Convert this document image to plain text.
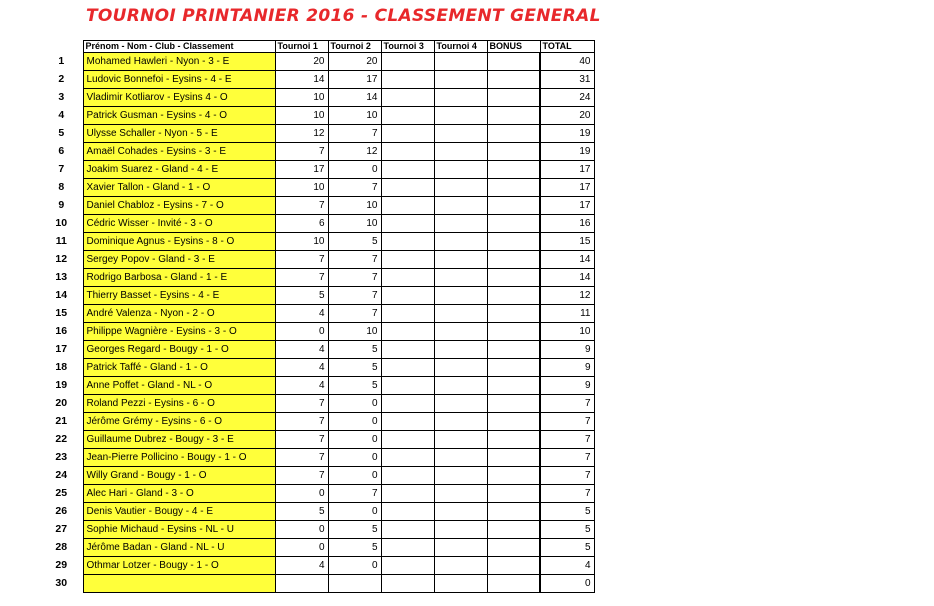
TOURNOI PRINTANIER 2016 - CLASSEMENT GENERAL
	Prénom - Nom - Club - Classement	Tournoi 1	Tournoi 2	Tournoi 3	Tournoi 4	BONUS	TOTAL
1	Mohamed Hawleri - Nyon - 3 - E	20	20				40
2	Ludovic Bonnefoi - Eysins - 4 - E	14	17				31
3	Vladimir Kotliarov - Eysins 4 - O	10	14				24
4	Patrick Gusman - Eysins - 4 - O	10	10				20
5	Ulysse Schaller - Nyon - 5 - E	12	7				19
6	Amaël Cohades - Eysins - 3 - E	7	12				19
7	Joakim Suarez - Gland - 4 - E	17	0				17
8	Xavier Tallon - Gland - 1 - O	10	7				17
9	Daniel Chabloz - Eysins - 7 - O	7	10				17
10	Cédric Wisser - Invité - 3 - O	6	10				16
11	Dominique Agnus - Eysins - 8 - O	10	5				15
12	Sergey Popov - Gland - 3 - E	7	7				14
13	Rodrigo Barbosa - Gland - 1 - E	7	7				14
14	Thierry Basset - Eysins - 4 - E	5	7				12
15	André Valenza - Nyon - 2 - O	4	7				11
16	Philippe Wagnière - Eysins - 3 - O	0	10				10
17	Georges Regard - Bougy - 1 - O	4	5				9
18	Patrick Taffé - Gland - 1 - O	4	5				9
19	Anne Poffet - Gland - NL - O	4	5				9
20	Roland Pezzi - Eysins - 6 - O	7	0				7
21	Jérôme Grémy - Eysins - 6 - O	7	0				7
22	Guillaume Dubrez - Bougy - 3 - E	7	0				7
23	Jean-Pierre Pollicino - Bougy - 1 - O	7	0				7
24	Willy Grand - Bougy - 1 - O	7	0				7
25	Alec Hari - Gland - 3 - O	0	7				7
26	Denis Vautier - Bougy - 4 - E	5	0				5
27	Sophie Michaud - Eysins - NL - U	0	5				5
28	Jérôme Badan - Gland - NL - U	0	5				5
29	Othmar Lotzer - Bougy - 1 - O	4	0				4
30							0
